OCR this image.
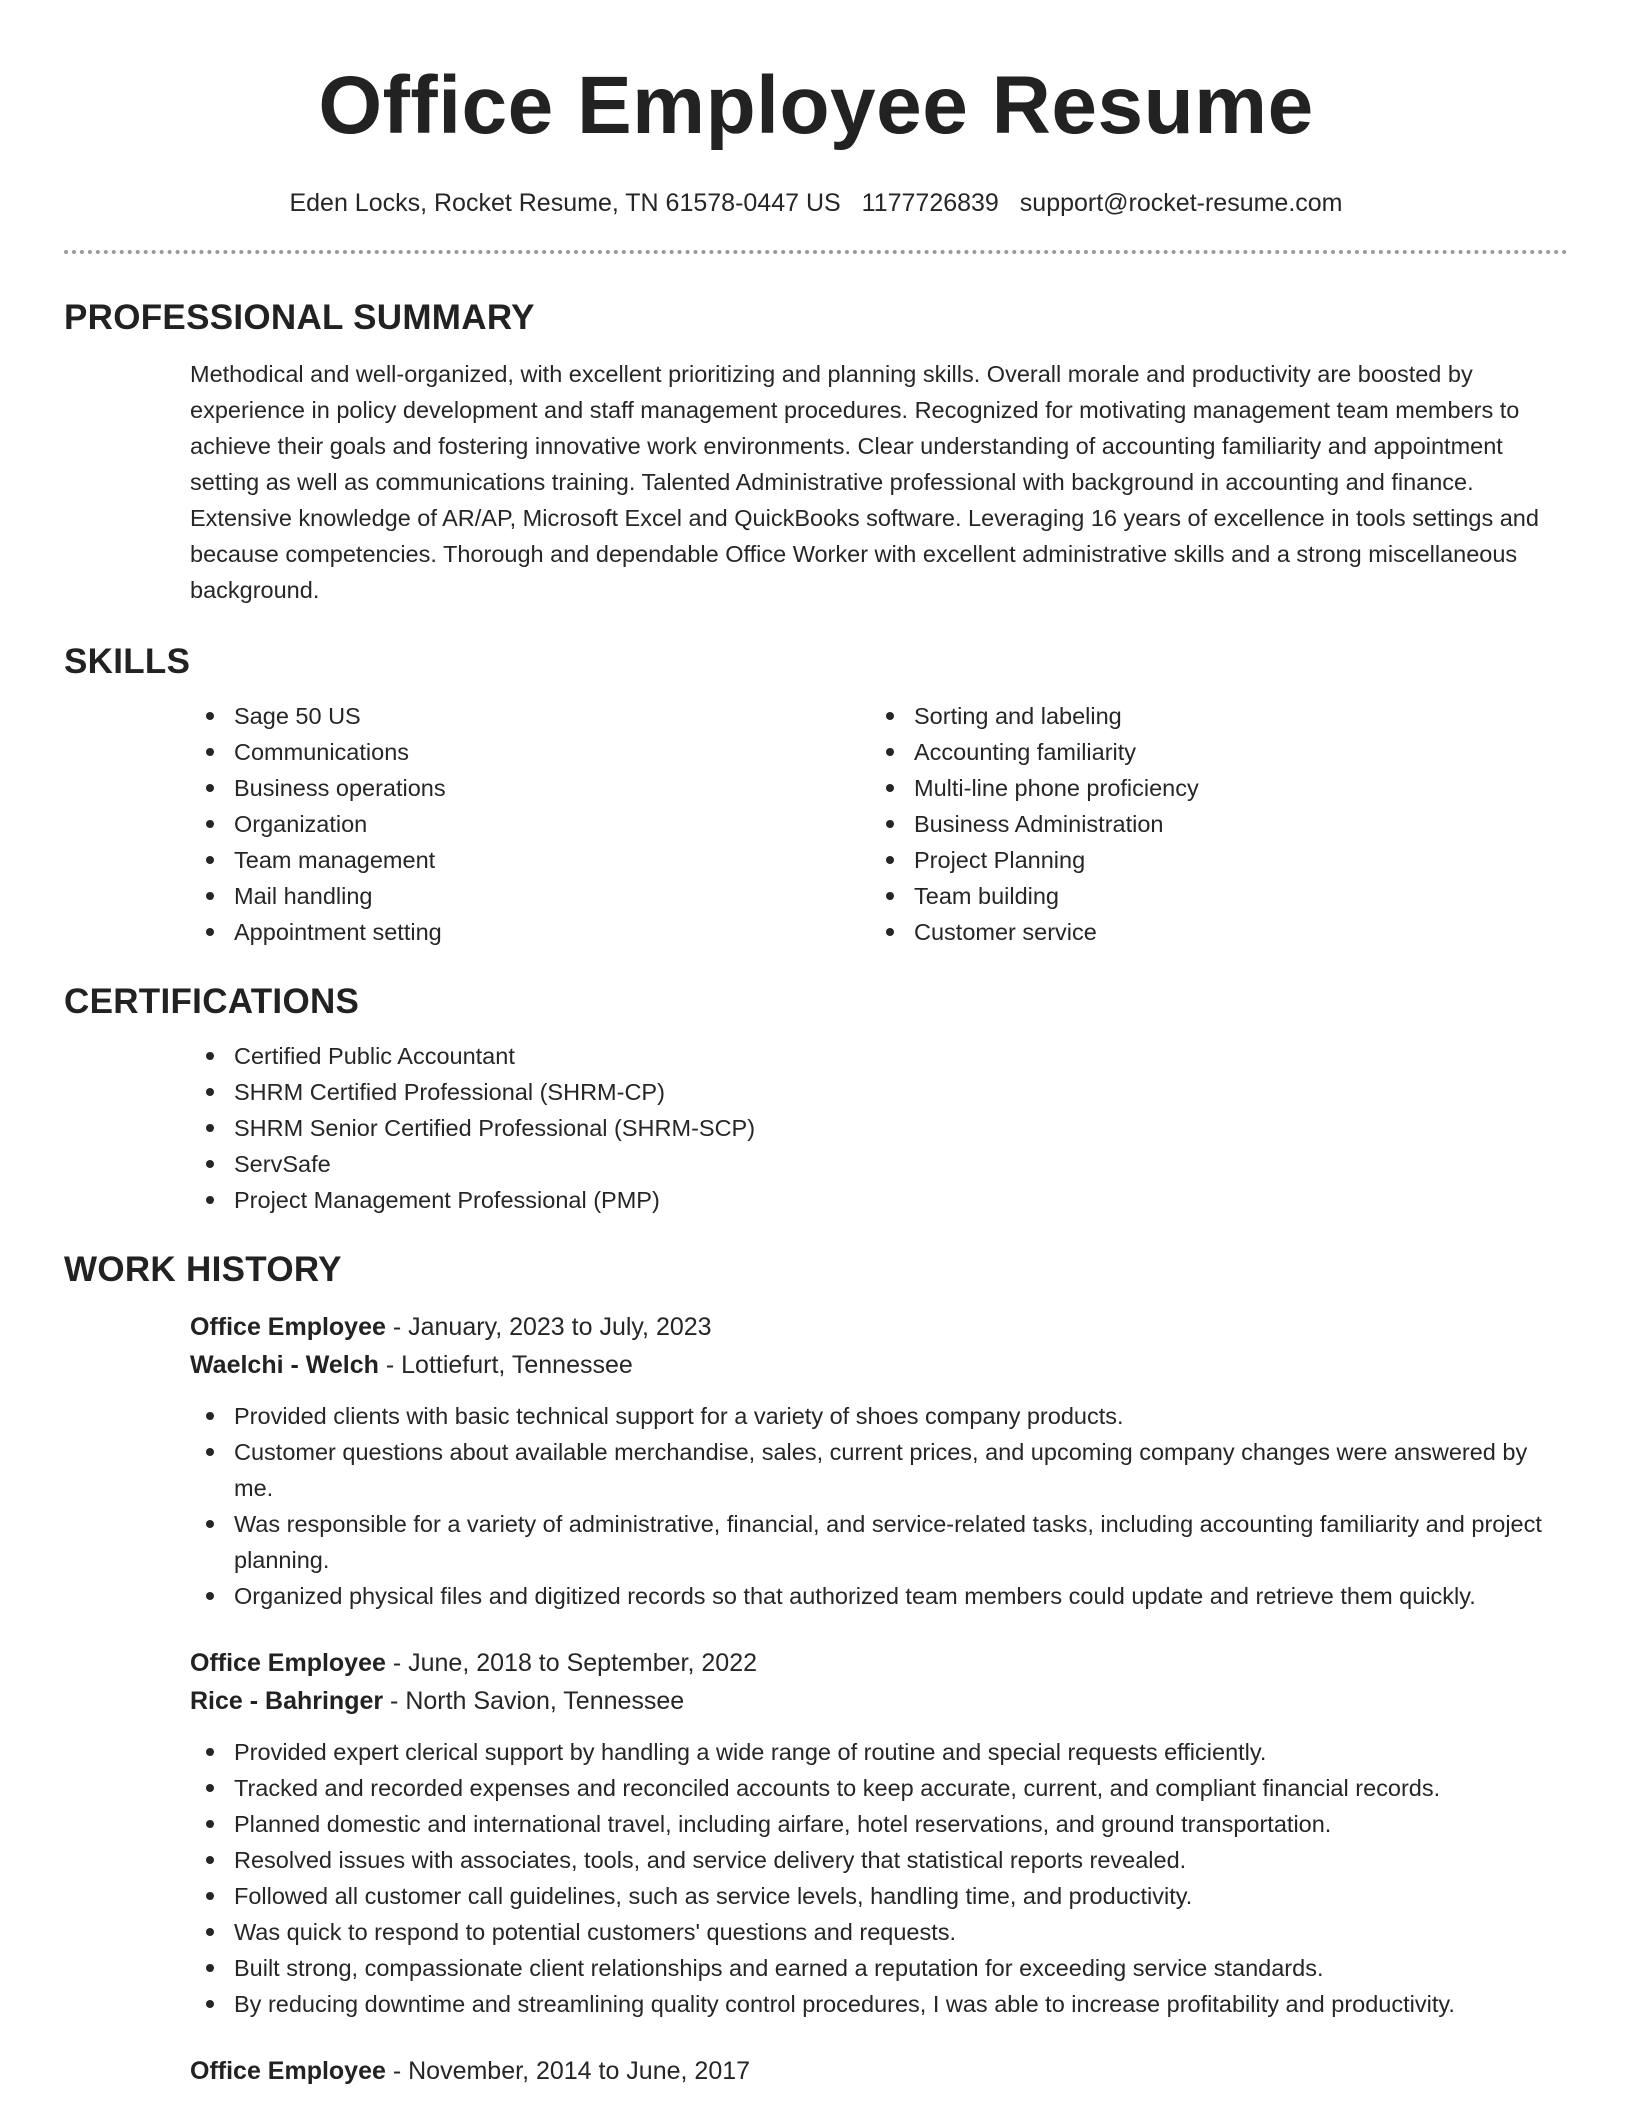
Office Employee Resume
Eden Locks, Rocket Resume, TN 61578-0447 US 1177726839 support@rocket-resume.com
PROFESSIONAL SUMMARY

Methodical and well-organized, with excellent prioritizing and planning skills. Overall morale and productivity are boosted by experience in policy development and staff management procedures. Recognized for motivating management team members to achieve their goals and fostering innovative work environments. Clear understanding of accounting familiarity and appointment setting as well as communications training. Talented Administrative professional with background in accounting and finance. Extensive knowledge of AR/AP, Microsoft Excel and QuickBooks software. Leveraging 16 years of excellence in tools settings and because competencies. Thorough and dependable Office Worker with excellent administrative skills and a strong miscellaneous background.

SKILLS
Sage 50 US
Communications
Business operations
Organization
Team management
Mail handling
Appointment setting
Sorting and labeling
Accounting familiarity
Multi-line phone proficiency
Business Administration
Project Planning
Team building
Customer service
CERTIFICATIONS
Certified Public Accountant
SHRM Certified Professional (SHRM-CP)
SHRM Senior Certified Professional (SHRM-SCP)
ServSafe
Project Management Professional (PMP)
WORK HISTORY
Office Employee - January, 2023 to July, 2023
Waelchi - Welch - Lottiefurt, Tennessee
Provided clients with basic technical support for a variety of shoes company products.
Customer questions about available merchandise, sales, current prices, and upcoming company changes were answered by me.
Was responsible for a variety of administrative, financial, and service-related tasks, including accounting familiarity and project planning.
Organized physical files and digitized records so that authorized team members could update and retrieve them quickly.
Office Employee - June, 2018 to September, 2022
Rice - Bahringer - North Savion, Tennessee
Provided expert clerical support by handling a wide range of routine and special requests efficiently.
Tracked and recorded expenses and reconciled accounts to keep accurate, current, and compliant financial records.
Planned domestic and international travel, including airfare, hotel reservations, and ground transportation.
Resolved issues with associates, tools, and service delivery that statistical reports revealed.
Followed all customer call guidelines, such as service levels, handling time, and productivity.
Was quick to respond to potential customers' questions and requests.
Built strong, compassionate client relationships and earned a reputation for exceeding service standards.
By reducing downtime and streamlining quality control procedures, I was able to increase profitability and productivity.
Office Employee - November, 2014 to June, 2017
